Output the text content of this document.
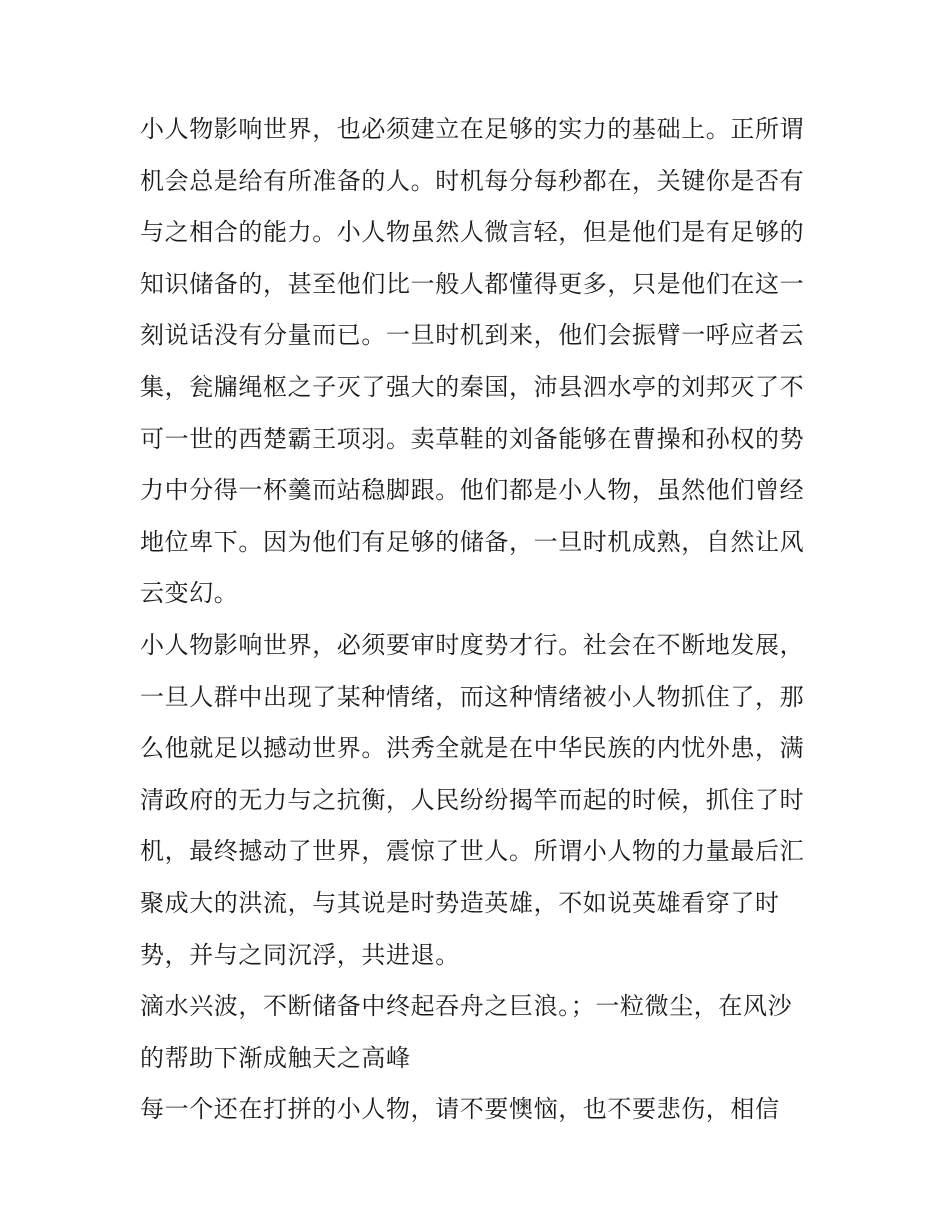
小人物影响世界，也必须建立在足够的实力的基础上。正所谓
机会总是给有所准备的人。时机每分每秒都在，关键你是否有
与之相合的能力。小人物虽然人微言轻，但是他们是有足够的
知识储备的，甚至他们比一般人都懂得更多，只是他们在这一
刻说话没有分量而已。一旦时机到来，他们会振臂一呼应者云
集，瓮牖绳枢之子灭了强大的秦国，沛县泗水亭的刘邦灭了不
可一世的西楚霸王项羽。卖草鞋的刘备能够在曹操和孙权的势
力中分得一杯羹而站稳脚跟。他们都是小人物，虽然他们曾经
地位卑下。因为他们有足够的储备，一旦时机成熟，自然让风
云变幻。
小人物影响世界，必须要审时度势才行。社会在不断地发展，
一旦人群中出现了某种情绪，而这种情绪被小人物抓住了，那
么他就足以撼动世界。洪秀全就是在中华民族的内忧外患，满
清政府的无力与之抗衡，人民纷纷揭竿而起的时候，抓住了时
机，最终撼动了世界，震惊了世人。所谓小人物的力量最后汇
聚成大的洪流，与其说是时势造英雄，不如说英雄看穿了时
势，并与之同沉浮，共进退。
滴水兴波，不断储备中终起吞舟之巨浪。；一粒微尘，在风沙
的帮助下渐成触天之高峰
每一个还在打拼的小人物，请不要懊恼，也不要悲伤，相信
